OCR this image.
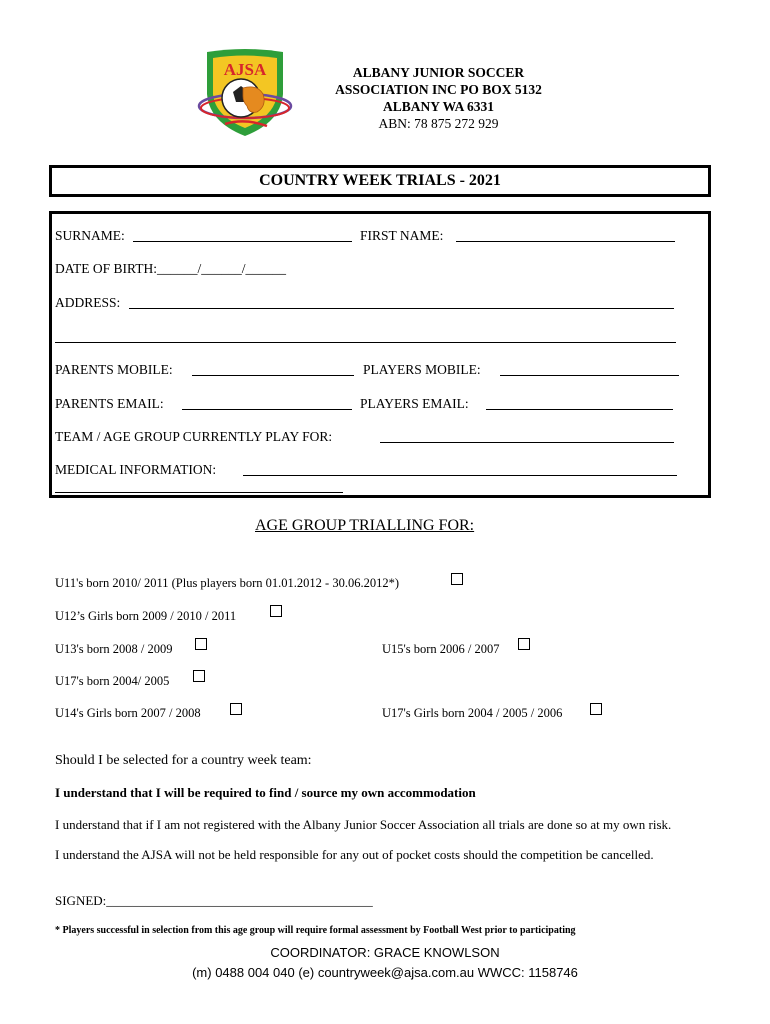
AJSA	ALBANY JUNIOR SOCCER
ASSOCIATION INC PO BOX 5132
ALBANY WA 6331
ABN: 78 875 272 929
COUNTRY WEEK TRIALS - 2021
SURNAME:	FIRST NAME:
DATE OF BIRTH:______/______/______
ADDRESS:
PARENTS MOBILE:	PLAYERS MOBILE:
PARENTS EMAIL:	PLAYERS EMAIL:
TEAM / AGE GROUP CURRENTLY PLAY FOR:
MEDICAL INFORMATION:
AGE GROUP TRIALLING FOR:
U11's born 2010/ 2011 (Plus players born 01.01.2012 - 30.06.2012*)
U12’s Girls born 2009 / 2010 / 2011
U13's born 2008 / 2009	U15's born 2006 / 2007
U17's born 2004/ 2005
U14's Girls born 2007 / 2008	U17's Girls born 2004 / 2005 / 2006
Should I be selected for a country week team:
I understand that I will be required to find / source my own accommodation
I understand that if I am not registered with the Albany Junior Soccer Association all trials are done so at my own risk.
I understand the AJSA will not be held responsible for any out of pocket costs should the competition be cancelled.
SIGNED:_________________________________________
* Players successful in selection from this age group will require formal assessment by Football West prior to participating
COORDINATOR: GRACE KNOWLSON
(m) 0488 004 040 (e) countryweek@ajsa.com.au WWCC: 1158746
